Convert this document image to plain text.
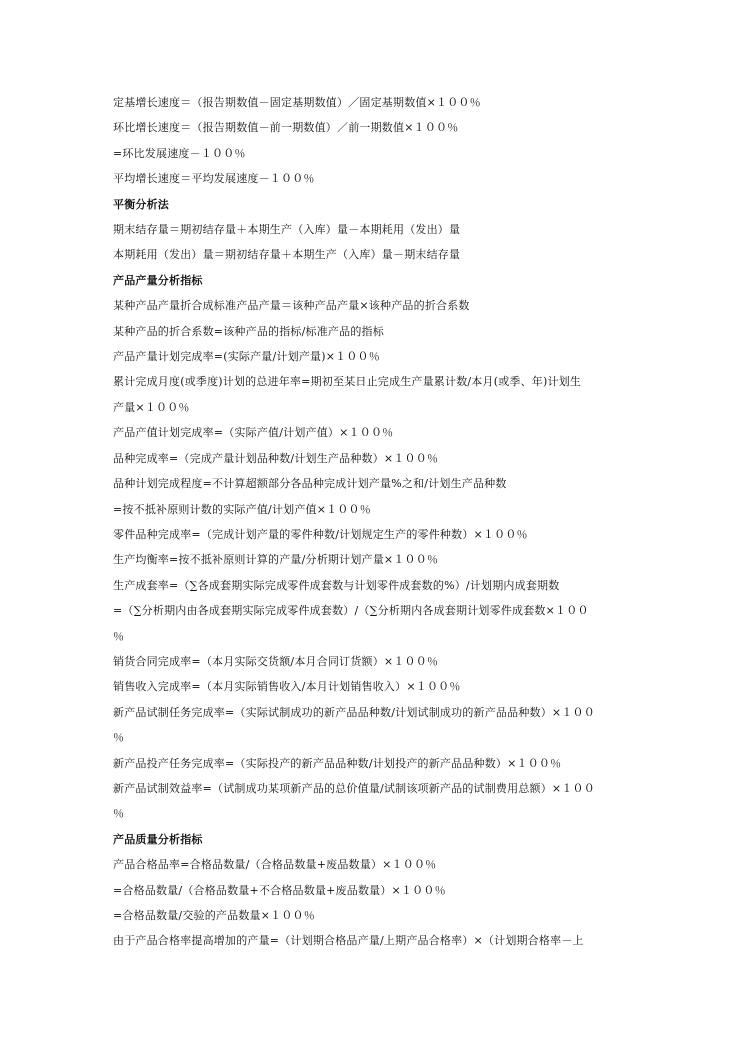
定基增长速度＝（报告期数值－固定基期数值）／固定基期数值×１００％
环比增长速度＝（报告期数值－前一期数值）／前一期数值×１００％
=环比发展速度－１００％
平均增长速度＝平均发展速度－１００％
平衡分析法
期末结存量＝期初结存量＋本期生产（入库）量－本期耗用（发出）量
本期耗用（发出）量＝期初结存量＋本期生产（入库）量－期末结存量
产品产量分析指标
某种产品产量折合成标准产品产量＝该种产品产量×该种产品的折合系数
某种产品的折合系数=该种产品的指标/标准产品的指标
产品产量计划完成率=(实际产量/计划产量)×１００％
累计完成月度(或季度)计划的总进年率=期初至某日止完成生产量累计数/本月(或季、年)计划生
产量×１００％
产品产值计划完成率=（实际产值/计划产值）×１００％
品种完成率=（完成产量计划品种数/计划生产品种数）×１００％
品种计划完成程度=不计算超额部分各品种完成计划产量%之和/计划生产品种数
=按不抵补原则计数的实际产值/计划产值×１００％
零件品种完成率=（完成计划产量的零件种数/计划规定生产的零件种数）×１００％
生产均衡率=按不抵补原则计算的产量/分析期计划产量×１００％
生产成套率=（∑各成套期实际完成零件成套数与计划零件成套数的%）/计划期内成套期数
=（∑分析期内由各成套期实际完成零件成套数）/（∑分析期内各成套期计划零件成套数×１００
％
销货合同完成率=（本月实际交货额/本月合同订货额）×１００％
销售收入完成率=（本月实际销售收入/本月计划销售收入）×１００％
新产品试制任务完成率=（实际试制成功的新产品品种数/计划试制成功的新产品品种数）×１００
％
新产品投产任务完成率=（实际投产的新产品品种数/计划投产的新产品品种数）×１００％
新产品试制效益率=（试制成功某项新产品的总价值量/试制该项新产品的试制费用总额）×１００
％
产品质量分析指标
产品合格品率=合格品数量/（合格品数量+废品数量）×１００％
=合格品数量/（合格品数量+不合格品数量+废品数量）×１００％
=合格品数量/交验的产品数量×１００％
由于产品合格率提高增加的产量=（计划期合格品产量/上期产品合格率）×（计划期合格率－上
